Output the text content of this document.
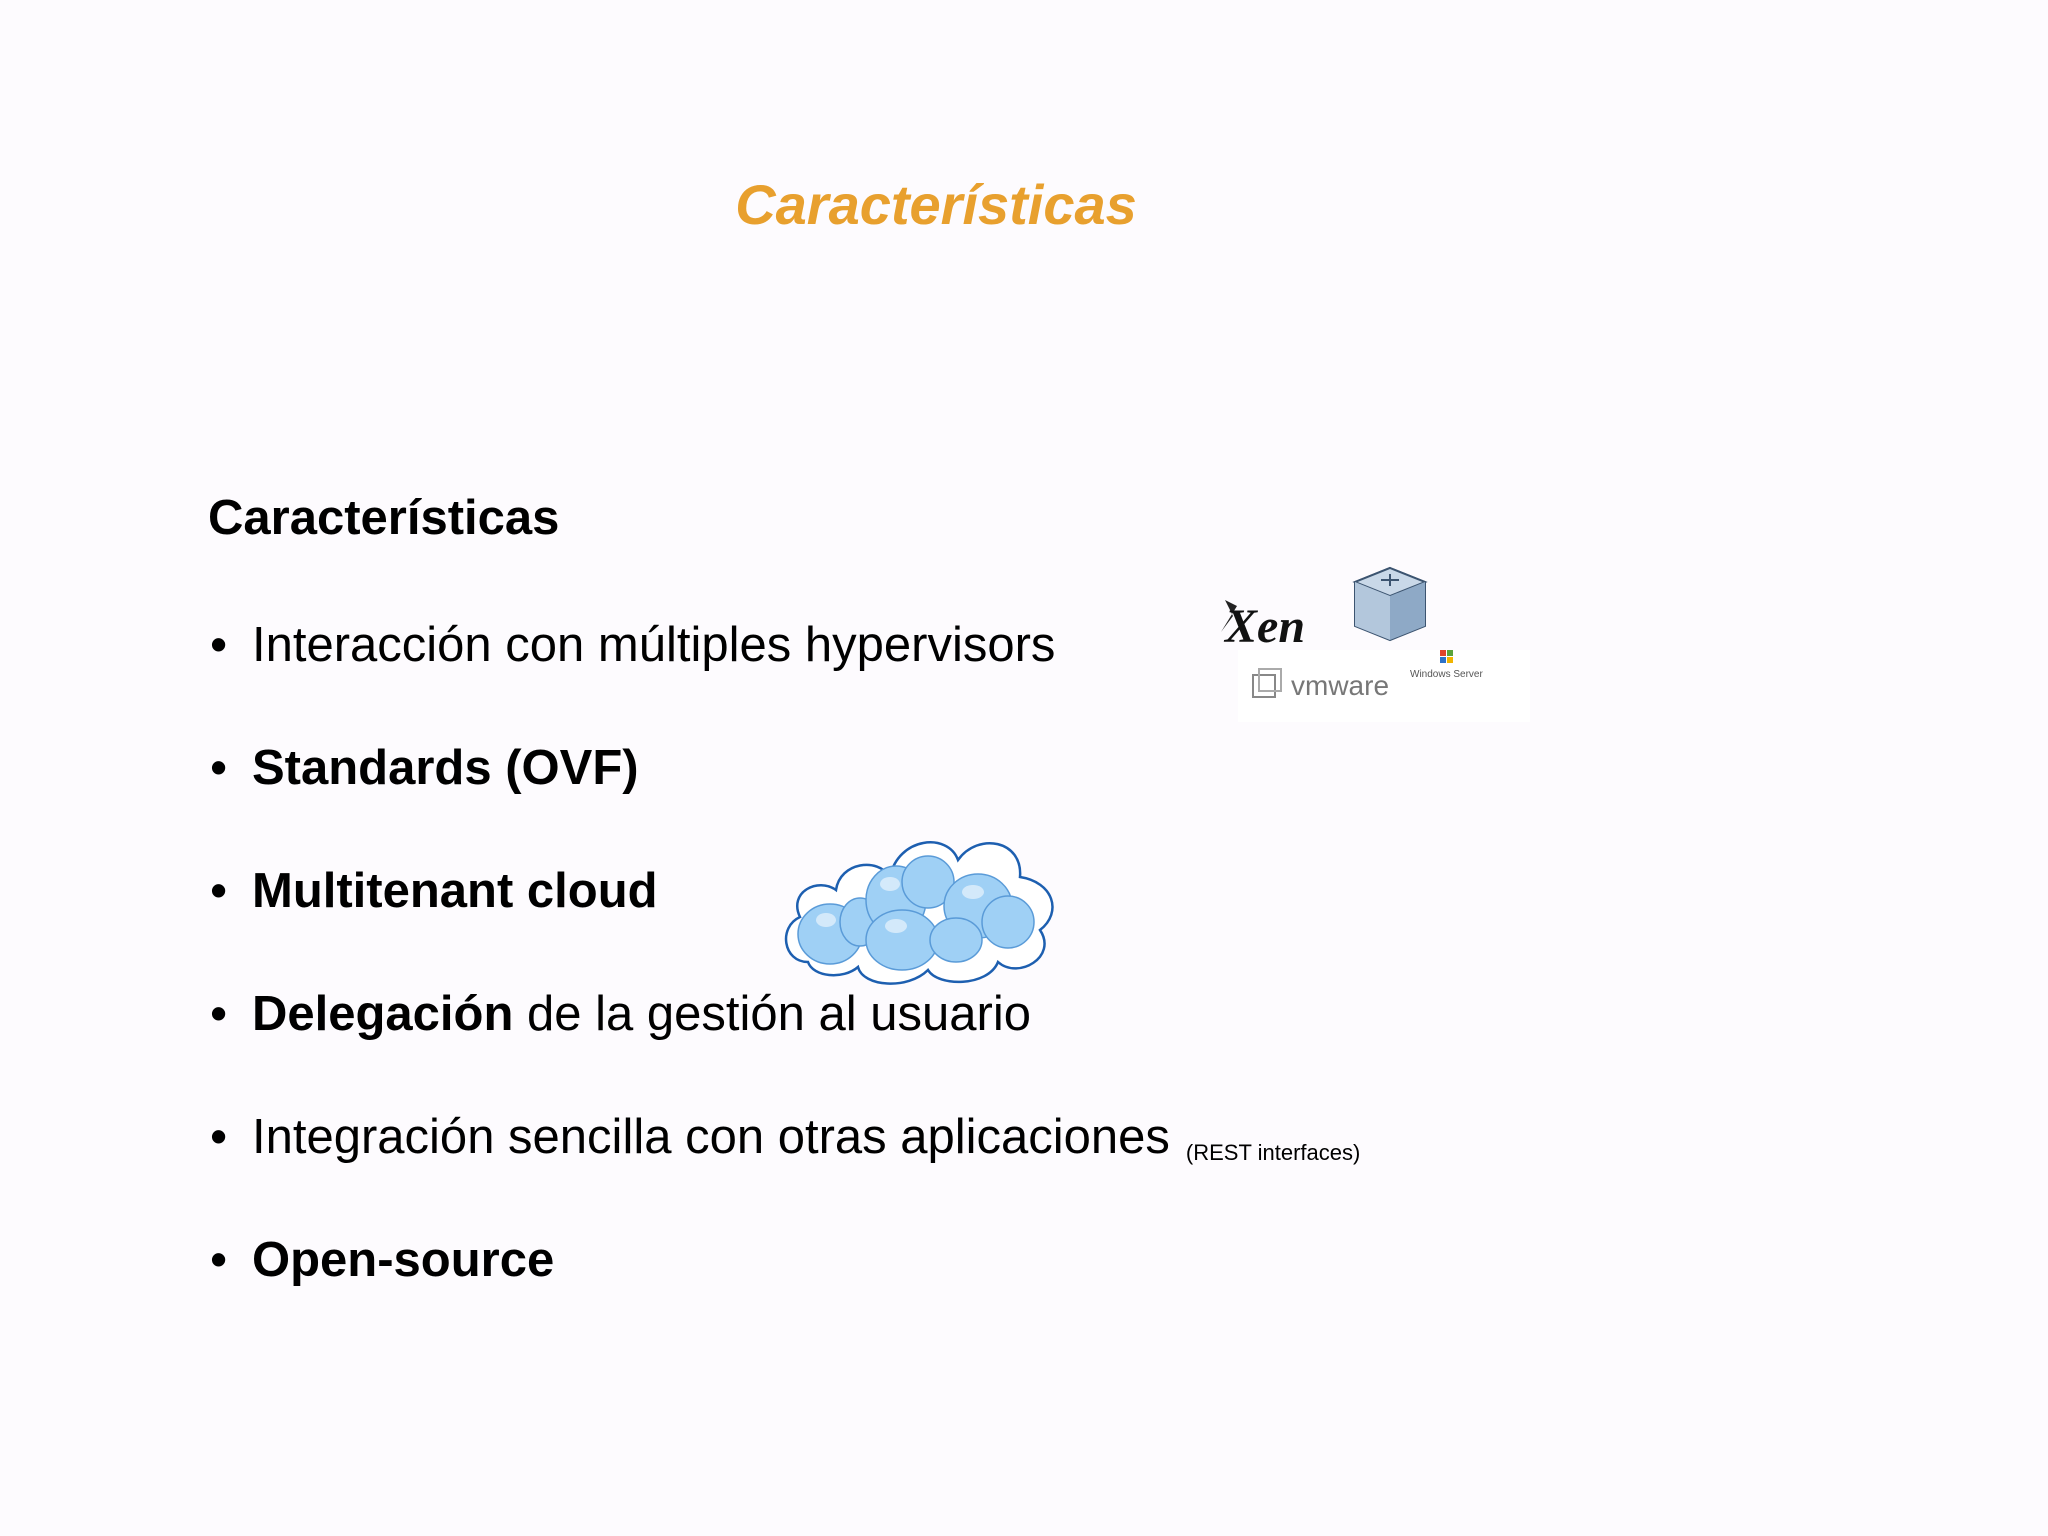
Características
Características
• Interacción con múltiples hypervisors
• Standards (OVF)
• Multitenant cloud
• Delegación de la gestión al usuario
• Integración sencilla con otras aplicaciones (REST interfaces)
• Open-source
Xen
vmware Windows Server
